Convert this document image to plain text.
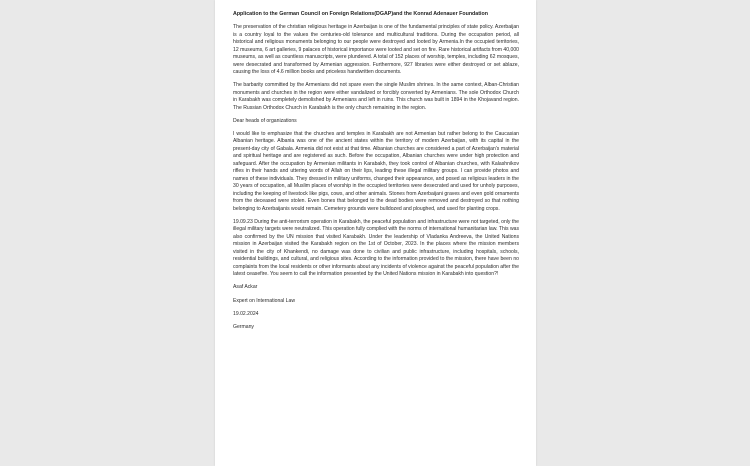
Application to the German Council on Foreign Relations(DGAP)and the Konrad Adenauer Foundation

The preservation of the christian religious heritage in Azerbaijan is one of the fundamental principles of state policy. Azerbaijan is a country loyal to the values the centuries-old tolerance and multicultural traditions. During the occupation period, all historical and religious monuments belonging to our people were destroyed and looted by Armenia.In the occupied territories, 12 museums, 6 art galleries, 9 palaces of historical importance were looted and set on fire. Rare historical artifacts from 40,000 museums, as well as countless manuscripts, were plundered. A total of 152 places of worship, temples, including 62 mosques, were desecrated and transformed by Armenian aggression. Furthermore, 927 libraries were either destroyed or set ablaze, causing the loss of 4.6 million books and priceless handwritten documents.

The barbarity committed by the Armenians did not spare even the single Muslim shrines. In the same context, Alban-Christian monuments and churches in the region were either vandalized or forcibly converted by Armenians. The sole Orthodox Church in Karabakh was completely demolished by Armenians and left in ruins. This church was built in 1894 in the Khojavand region. The Russian Orthodox Church in Karabakh is the only church remaining in the region.

Dear heads of organizations

I would like to emphasize that the churches and temples in Karabakh are not Armenian but rather belong to the Caucasian Albanian heritage. Albania was one of the ancient states within the territory of modern Azerbaijan, with its capital in the present-day city of Gabala. Armenia did not exist at that time. Albanian churches are considered a part of Azerbaijan's material and spiritual heritage and are registered as such. Before the occupation, Albanian churches were under high protection and safeguard. After the occupation by Armenian militants in Karabakh, they took control of Albanian churches, with Kalashnikov rifles in their hands and uttering words of Allah on their lips, leading these illegal military groups. I can provide photos and names of these individuals. They dressed in military uniforms, changed their appearance, and posed as religious leaders in the 30 years of occupation, all Muslim places of worship in the occupied territories were desecrated and used for unholy purposes, including the keeping of livestock like pigs, cows, and other animals. Stones from Azerbaijani graves and even gold ornaments from the deceased were stolen. Even bones that belonged to the dead bodies were removed and destroyed so that nothing belonging to Azerbaijanis would remain. Cemetery grounds were bulldozed and ploughed, and used for planting crops.

19.09.23 During the anti-terrorism operation in Karabakh, the peaceful population and infrastructure were not targeted, only the illegal military targets were neutralized. This operation fully complied with the norms of international humanitarian law. This was also confirmed by the UN mission that visited Karabakh. Under the leadership of Vladanka Andreeva, the United Nations mission in Azerbaijan visited the Karabakh region on the 1st of October, 2023. In the places where the mission members visited in the city of Khankendi, no damage was done to civilian and public infrastructure, including hospitals, schools, residential buildings, and cultural, and religious sites. According to the information provided to the mission, there have been no complaints from the local residents or other informants about any incidents of violence against the peaceful population after the latest ceasefire. You seem to call the information presented by the United Nations mission in Karabakh into question?!

Asaf Ackar

Expert on International Law

19.02.2024

Germany
